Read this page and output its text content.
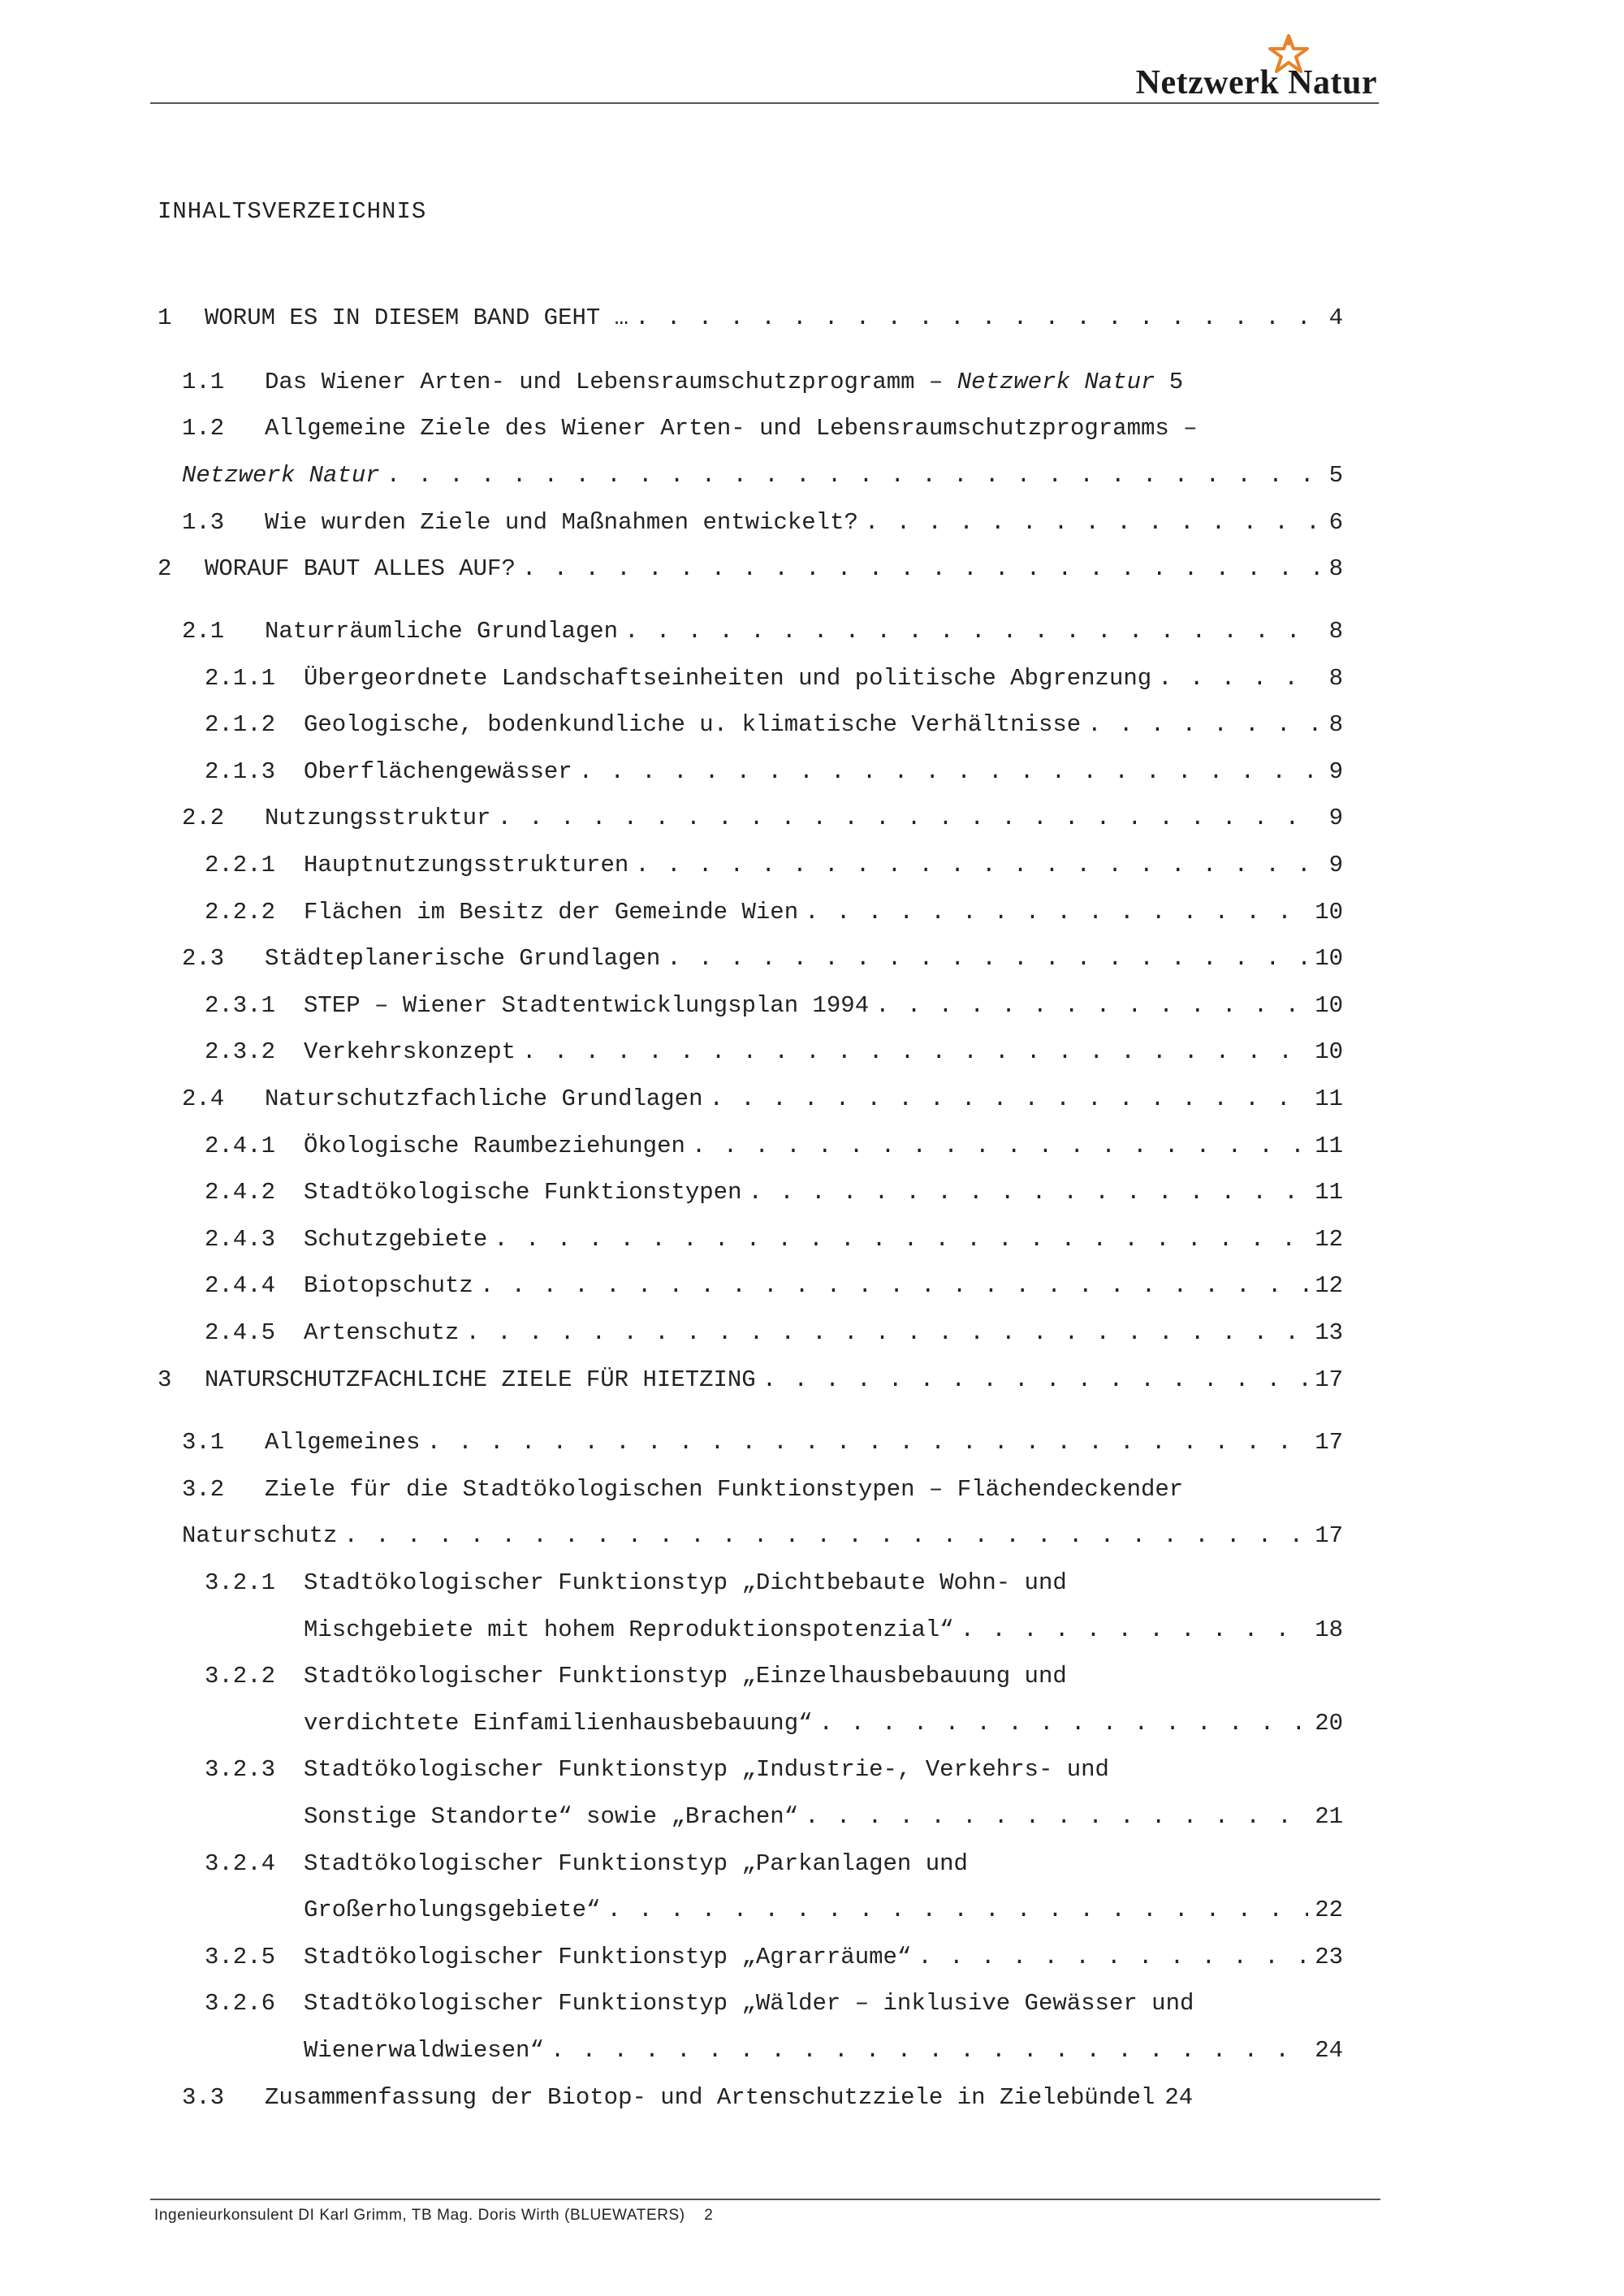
Netzwerk Natur
INHALTSVERZEICHNIS
1 WORUM ES IN DIESEM BAND GEHT … . . .	4
1.1 Das Wiener Arten- und Lebensraumschutzprogramm – Netzwerk Natur 5
1.2 Allgemeine Ziele des Wiener Arten- und Lebensraumschutzprogramms –
Netzwerk Natur . . .	5
1.3 Wie wurden Ziele und Maßnahmen entwickelt? . . .	6
2 WORAUF BAUT ALLES AUF? . . .	8
2.1 Naturräumliche Grundlagen . . .	8
2.1.1 Übergeordnete Landschaftseinheiten und politische Abgrenzung . . .	8
2.1.2 Geologische, bodenkundliche u. klimatische Verhältnisse . . .	8
2.1.3 Oberflächengewässer . . .	9
2.2 Nutzungsstruktur . . .	9
2.2.1 Hauptnutzungsstrukturen . . .	9
2.2.2 Flächen im Besitz der Gemeinde Wien . . .	10
2.3 Städteplanerische Grundlagen . . .	10
2.3.1 STEP – Wiener Stadtentwicklungsplan 1994 . . .	10
2.3.2 Verkehrskonzept . . .	10
2.4 Naturschutzfachliche Grundlagen . . .	11
2.4.1 Ökologische Raumbeziehungen . . .	11
2.4.2 Stadtökologische Funktionstypen . . .	11
2.4.3 Schutzgebiete . . .	12
2.4.4 Biotopschutz . . .	12
2.4.5 Artenschutz . . .	13
3 NATURSCHUTZFACHLICHE ZIELE FÜR HIETZING . . .	17
3.1 Allgemeines . . .	17
3.2 Ziele für die Stadtökologischen Funktionstypen – Flächendeckender
Naturschutz . . .	17
3.2.1 Stadtökologischer Funktionstyp „Dichtbebaute Wohn- und
Mischgebiete mit hohem Reproduktionspotenzial“ . . .	18
3.2.2 Stadtökologischer Funktionstyp „Einzelhausbebauung und
verdichtete Einfamilienhausbebauung“ . . .	20
3.2.3 Stadtökologischer Funktionstyp „Industrie-, Verkehrs- und
Sonstige Standorte“ sowie „Brachen“ . . .	21
3.2.4 Stadtökologischer Funktionstyp „Parkanlagen und
Großerholungsgebiete“ . . .	22
3.2.5 Stadtökologischer Funktionstyp „Agrarräume“ . . .	23
3.2.6 Stadtökologischer Funktionstyp „Wälder – inklusive Gewässer und
Wienerwaldwiesen“ . . .	24
3.3 Zusammenfassung der Biotop- und Artenschutzziele in Zielebündel 24
Ingenieurkonsulent DI Karl Grimm, TB Mag. Doris Wirth (BLUEWATERS) 2
